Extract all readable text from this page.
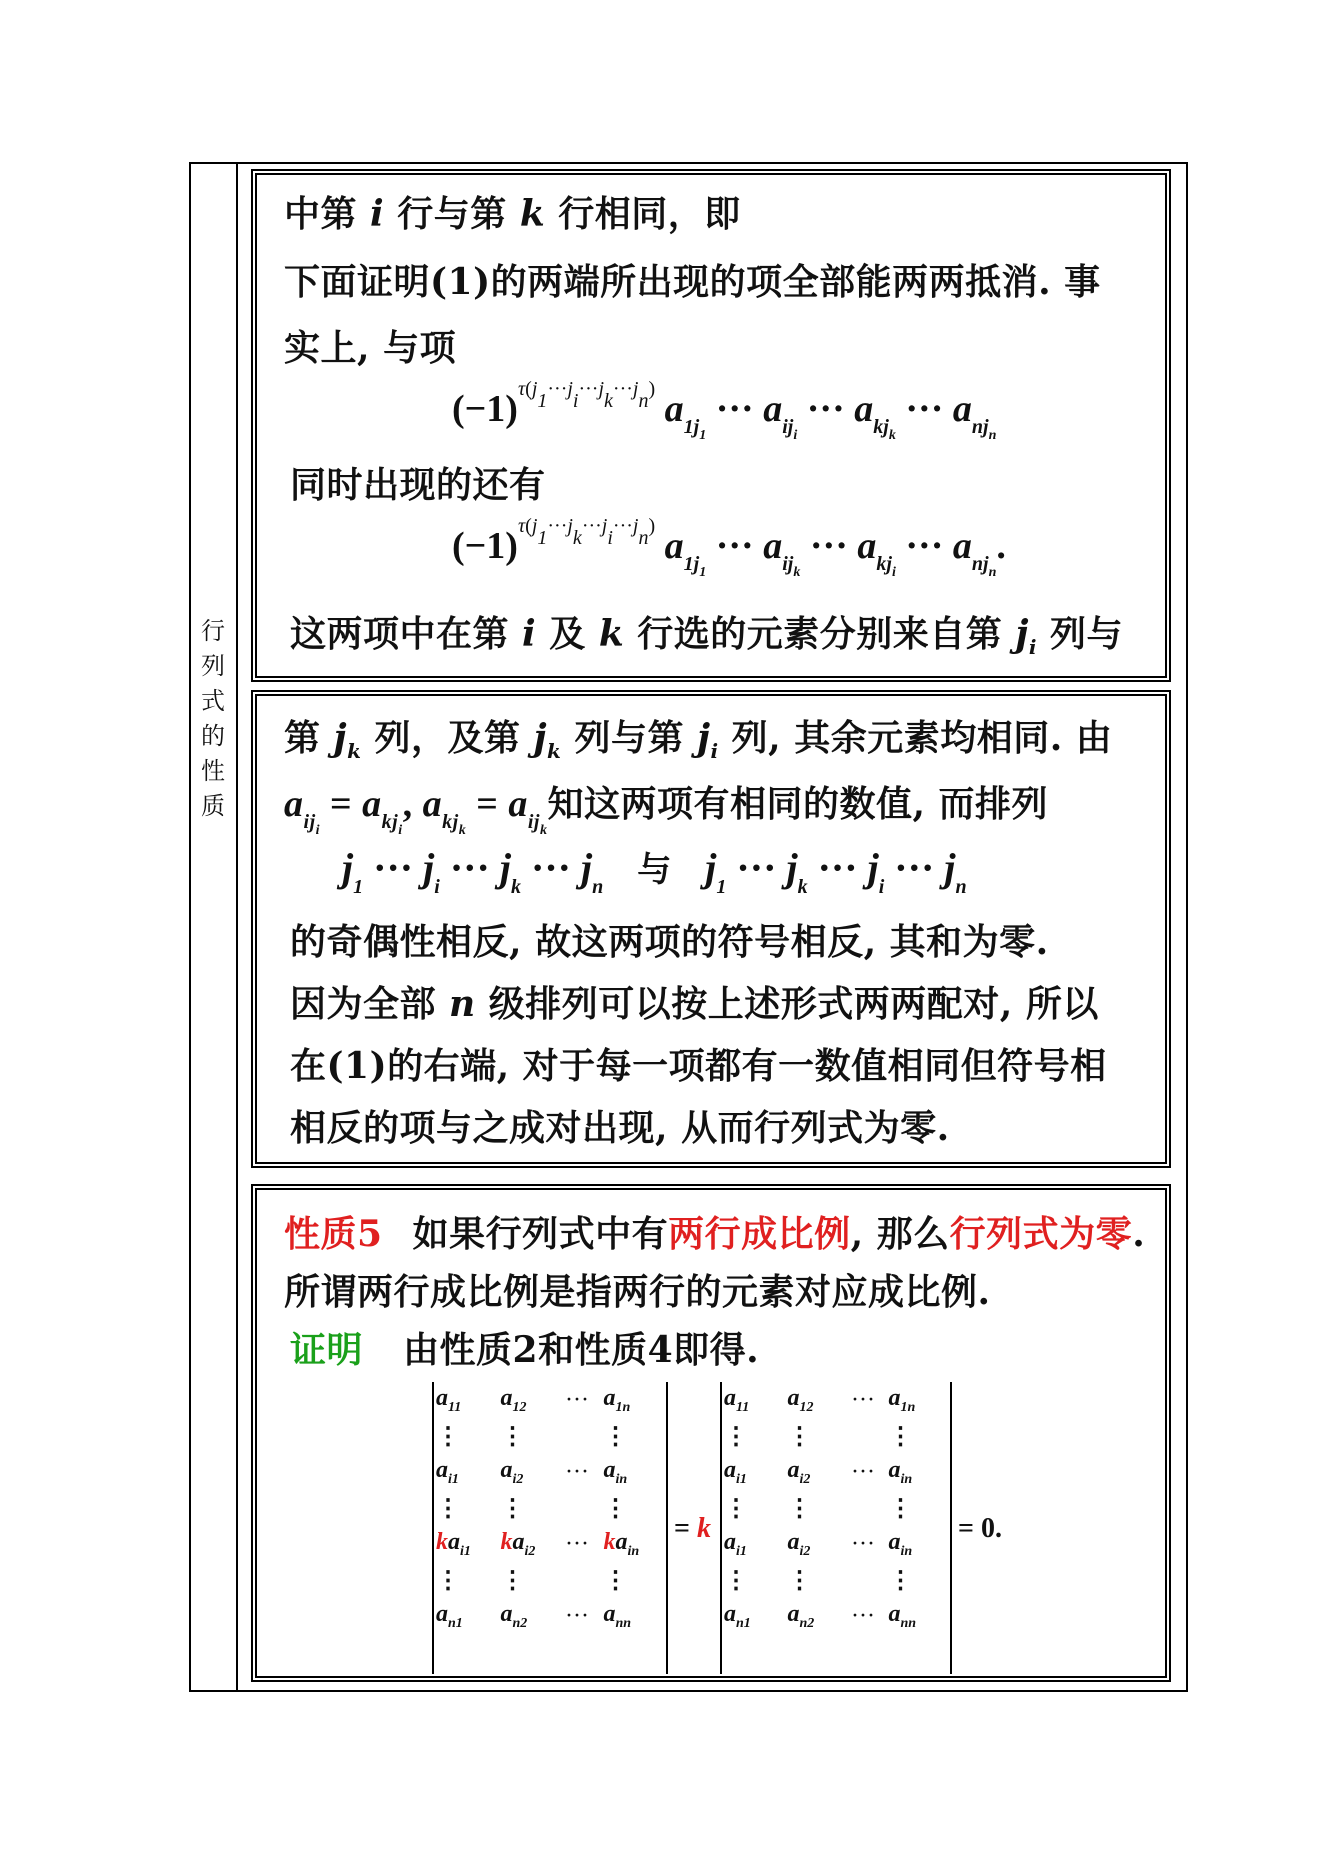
行
列
式
的
性
质
中第 i 行与第 k 行相同，即
下面证明(1)的两端所出现的项全部能两两抵消. 事
实上, 与项
$(-1)^{\tau(j_1\cdot\cdot\cdot j_i\cdot\cdot\cdot j_k\cdot\cdot\cdot j_n)}$ $a_{1j_1}$ ··· $a_{ij_i}$ ··· $a_{kj_k}$ ··· $a_{nj_n}$
同时出现的还有
$(-1)^{\tau(j_1\cdot\cdot\cdot j_k\cdot\cdot\cdot j_i\cdot\cdot\cdot j_n)}$ $a_{1j_1}$ ··· $a_{ij_k}$ ··· $a_{kj_i}$ ··· $a_{nj_n}$.
这两项中在第 i 及 k 行选的元素分别来自第 $j_i$ 列与
第 $j_k$ 列，及第 $j_k$ 列与第 $j_i$ 列, 其余元素均相同. 由
$a_{ij_i} = a_{kj_i}$, $a_{kj_k} = a_{ij_k}$知这两项有相同的数值, 而排列
$j_1$ ··· $j_i$ ··· $j_k$ ··· $j_n$ 与 $j_1$ ··· $j_k$ ··· $j_i$ ··· $j_n$
的奇偶性相反, 故这两项的符号相反, 其和为零.
因为全部 n 级排列可以按上述形式两两配对, 所以
在(1)的右端, 对于每一项都有一数值相同但符号相
相反的项与之成对出现, 从而行列式为零.
性质5 如果行列式中有两行成比例, 那么行列式为零.
所谓两行成比例是指两行的元素对应成比例.
证明 由性质2和性质4即得.
$a_{11}$	$a_{12}$	···	$a_{1n}$
⋮	⋮		⋮
$a_{i1}$	$a_{i2}$	···	$a_{in}$
⋮	⋮		⋮
$ka_{i1}$	$ka_{i2}$	···	$ka_{in}$
⋮	⋮		⋮
$a_{n1}$	$a_{n2}$	···	$a_{nn}$
= k
$a_{11}$	$a_{12}$	···	$a_{1n}$
⋮	⋮		⋮
$a_{i1}$	$a_{i2}$	···	$a_{in}$
⋮	⋮		⋮
$a_{i1}$	$a_{i2}$	···	$a_{in}$
⋮	⋮		⋮
$a_{n1}$	$a_{n2}$	···	$a_{nn}$
= 0.
